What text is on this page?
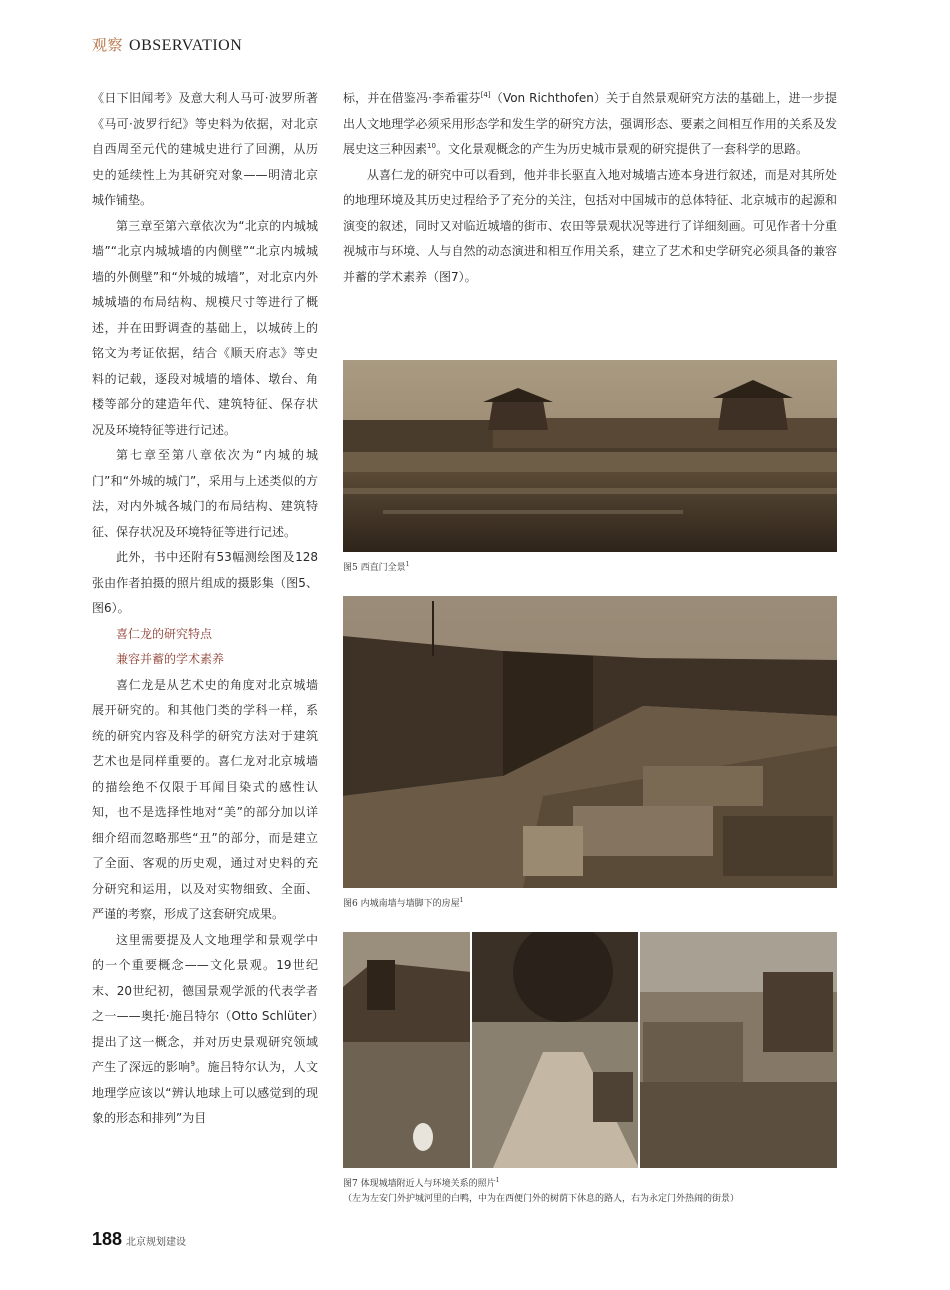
观察 OBSERVATION

《日下旧闻考》及意大利人马可·波罗所著《马可·波罗行纪》等史料为依据，对北京自西周至元代的建城史进行了回溯，从历史的延续性上为其研究对象——明清北京城作铺垫。

第三章至第六章依次为“北京的内城城墙”“北京内城城墙的内侧壁”“北京内城城墙的外侧壁”和“外城的城墙”，对北京内外城城墙的布局结构、规模尺寸等进行了概述，并在田野调查的基础上，以城砖上的铭文为考证依据，结合《顺天府志》等史料的记载，逐段对城墙的墙体、墩台、角楼等部分的建造年代、建筑特征、保存状况及环境特征等进行记述。

第七章至第八章依次为“内城的城门”和“外城的城门”，采用与上述类似的方法，对内外城各城门的布局结构、建筑特征、保存状况及环境特征等进行记述。

此外，书中还附有53幅测绘图及128张由作者拍摄的照片组成的摄影集（图5、图6）。

喜仁龙的研究特点
兼容并蓄的学术素养

喜仁龙是从艺术史的角度对北京城墙展开研究的。和其他门类的学科一样，系统的研究内容及科学的研究方法对于建筑艺术也是同样重要的。喜仁龙对北京城墙的描绘绝不仅限于耳闻目染式的感性认知，也不是选择性地对“美”的部分加以详细介绍而忽略那些“丑”的部分，而是建立了全面、客观的历史观，通过对史料的充分研究和运用，以及对实物细致、全面、严谨的考察，形成了这套研究成果。

这里需要提及人文地理学和景观学中的一个重要概念——文化景观。19世纪末、20世纪初，德国景观学派的代表学者之一——奥托·施吕特尔（Otto Schlüter）提出了这一概念，并对历史景观研究领域产生了深远的影响$^9$。施吕特尔认为，人文地理学应该以“辨认地球上可以感觉到的现象的形态和排列”为目

标，并在借鉴冯·李希霍芬[4]（Von Richthofen）关于自然景观研究方法的基础上，进一步提出人文地理学必须采用形态学和发生学的研究方法，强调形态、要素之间相互作用的关系及发展史这三种因素$^{10}$。文化景观概念的产生为历史城市景观的研究提供了一套科学的思路。

从喜仁龙的研究中可以看到，他并非长驱直入地对城墙古迹本身进行叙述，而是对其所处的地理环境及其历史过程给予了充分的关注，包括对中国城市的总体特征、北京城市的起源和演变的叙述，同时又对临近城墙的街市、农田等景观状况等进行了详细刻画。可见作者十分重视城市与环境、人与自然的动态演进和相互作用关系，建立了艺术和史学研究必须具备的兼容并蓄的学术素养（图7）。

图5 西直门全景$^1$
图6 内城南墙与墙脚下的房屋$^1$
图7 体现城墙附近人与环境关系的照片$^1$
（左为左安门外护城河里的白鸭，中为在西便门外的树荫下休息的路人，右为永定门外热闹的街景）
188 北京规划建设
